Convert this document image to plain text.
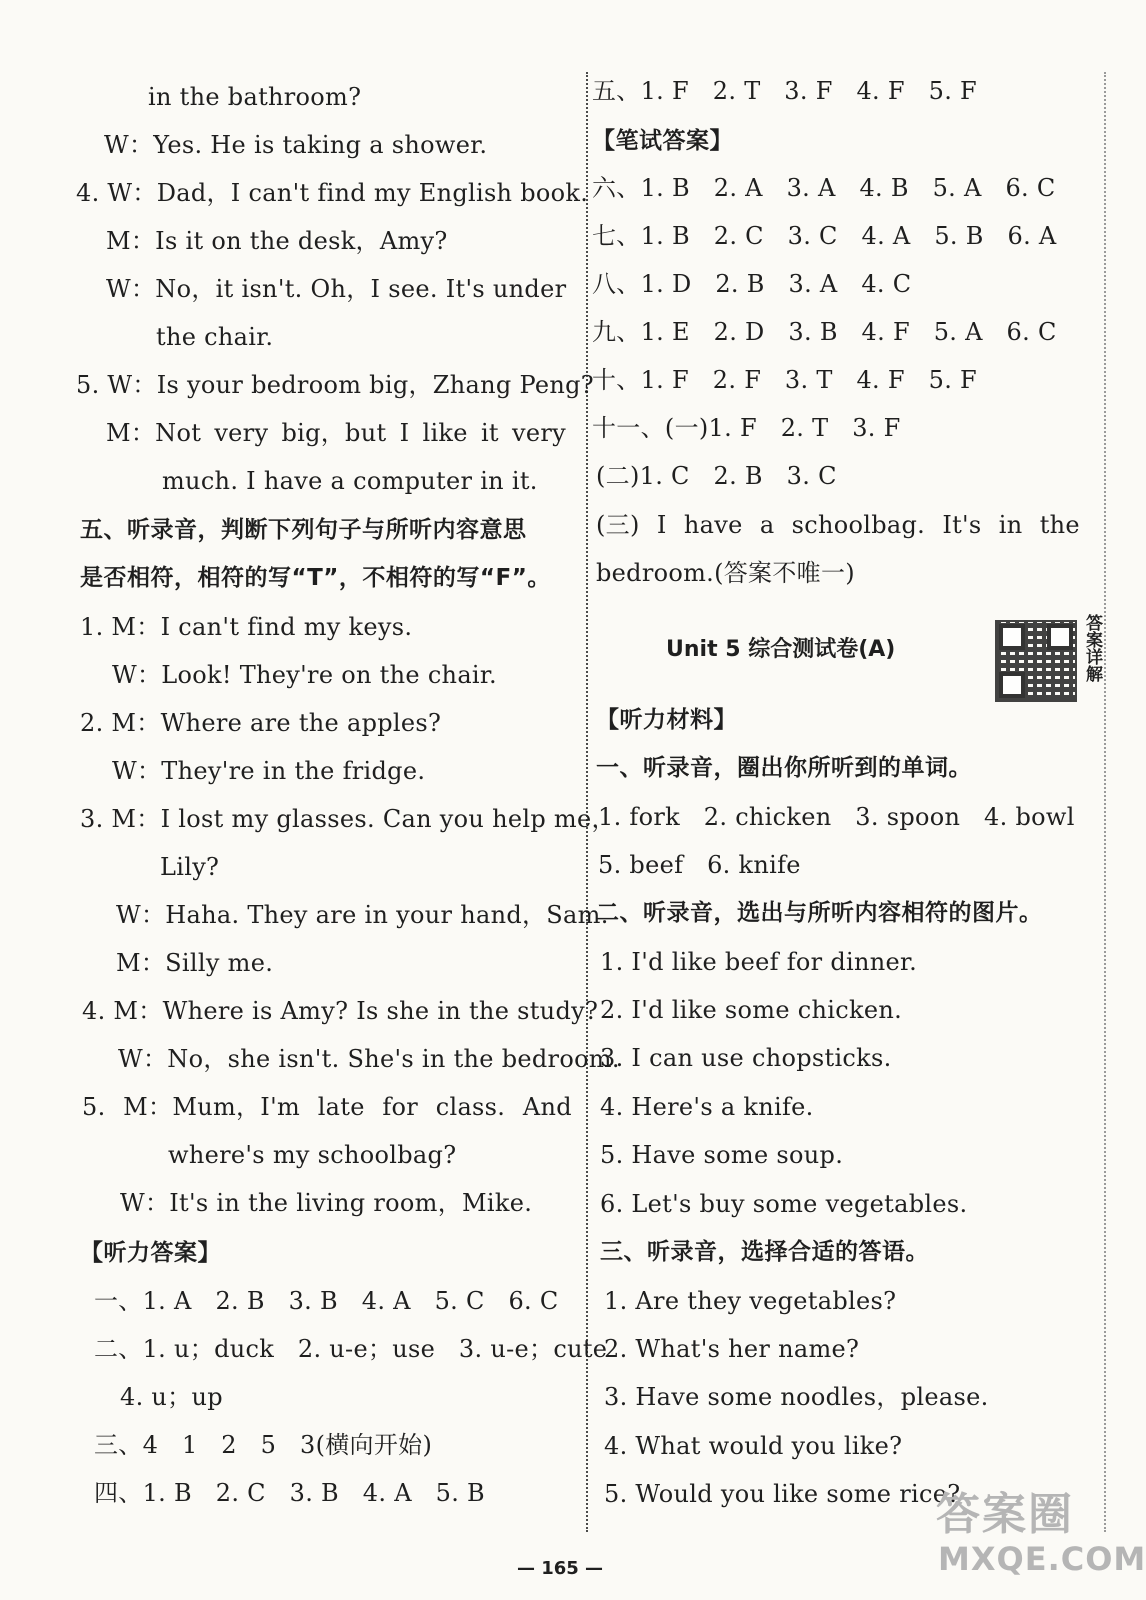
in the bathroom?
W：Yes. He is taking a shower.
4. W：Dad，I can't find my English book.
M：Is it on the desk，Amy?
W：No，it isn't. Oh，I see. It's under
the chair.
5. W：Is your bedroom big，Zhang Peng?
M：Not very big，but I like it very
much. I have a computer in it.
五、听录音，判断下列句子与所听内容意思
是否相符，相符的写“T”，不相符的写“F”。
1. M：I can't find my keys.
W：Look! They're on the chair.
2. M：Where are the apples?
W：They're in the fridge.
3. M：I lost my glasses. Can you help me，
Lily?
W：Haha. They are in your hand，Sam.
M：Silly me.
4. M：Where is Amy? Is she in the study?
W：No，she isn't. She's in the bedroom.
5. M：Mum，I'm late for class. And
where's my schoolbag?
W：It's in the living room，Mike.
【听力答案】
一、1. A   2. B   3. B   4. A   5. C   6. C
二、1. u；duck   2. u-e；use   3. u-e；cute
4. u；up
三、4   1   2   5   3(横向开始)
四、1. B   2. C   3. B   4. A   5. B
五、1. F   2. T   3. F   4. F   5. F
【笔试答案】
六、1. B   2. A   3. A   4. B   5. A   6. C
七、1. B   2. C   3. C   4. A   5. B   6. A
八、1. D   2. B   3. A   4. C
九、1. E   2. D   3. B   4. F   5. A   6. C
十、1. F   2. F   3. T   4. F   5. F
十一、(一)1. F   2. T   3. F
(二)1. C   2. B   3. C
(三) I have a schoolbag. It's in the
bedroom.(答案不唯一)
Unit 5 综合测试卷(A)	答案详解
【听力材料】
一、听录音，圈出你所听到的单词。
1. fork   2. chicken   3. spoon   4. bowl
5. beef   6. knife
二、听录音，选出与所听内容相符的图片。
1. I'd like beef for dinner.
2. I'd like some chicken.
3. I can use chopsticks.
4. Here's a knife.
5. Have some soup.
6. Let's buy some vegetables.
三、听录音，选择合适的答语。
1. Are they vegetables?
2. What's her name?
3. Have some noodles，please.
4. What would you like?
5. Would you like some rice?
— 165 —
答案圈
MXQE.COM
